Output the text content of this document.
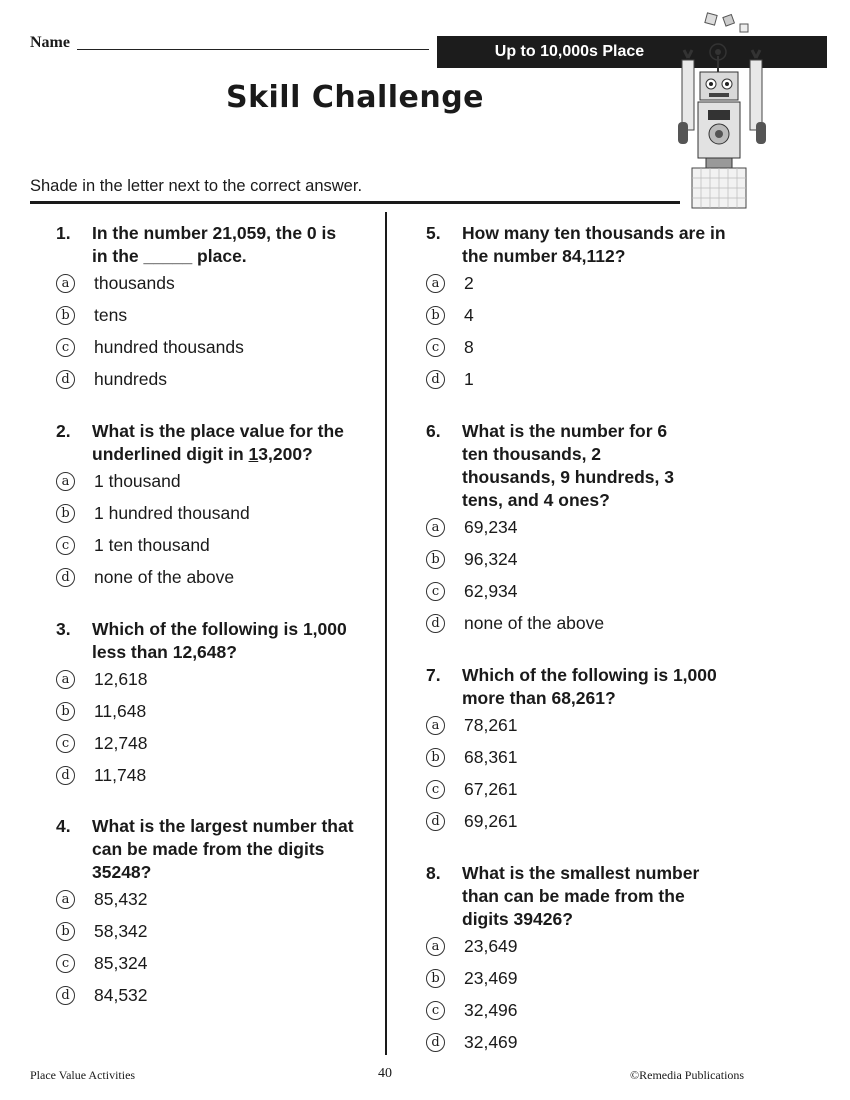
Name
Up to 10,000s Place
Skill Challenge
Shade in the letter next to the correct answer.
1. In the number 21,059, the 0 is in the _____ place.
a	thousands
b	tens
c	hundred thousands
d	hundreds
2. What is the place value for the underlined digit in 13,200?
a	1 thousand
b	1 hundred thousand
c	1 ten thousand
d	none of the above
3. Which of the following is 1,000 less than 12,648?
a	12,618
b	11,648
c	12,748
d	11,748
4. What is the largest number that can be made from the digits 35248?
a	85,432
b	58,342
c	85,324
d	84,532
5. How many ten thousands are in the number 84,112?
a	2
b	4
c	8
d	1
6. What is the number for 6 ten thousands, 2 thousands, 9 hundreds, 3 tens, and 4 ones?
a	69,234
b	96,324
c	62,934
d	none of the above
7. Which of the following is 1,000 more than 68,261?
a	78,261
b	68,361
c	67,261
d	69,261
8. What is the smallest number than can be made from the digits 39426?
a	23,649
b	23,469
c	32,496
d	32,469
Place Value Activities	40	©Remedia Publications
